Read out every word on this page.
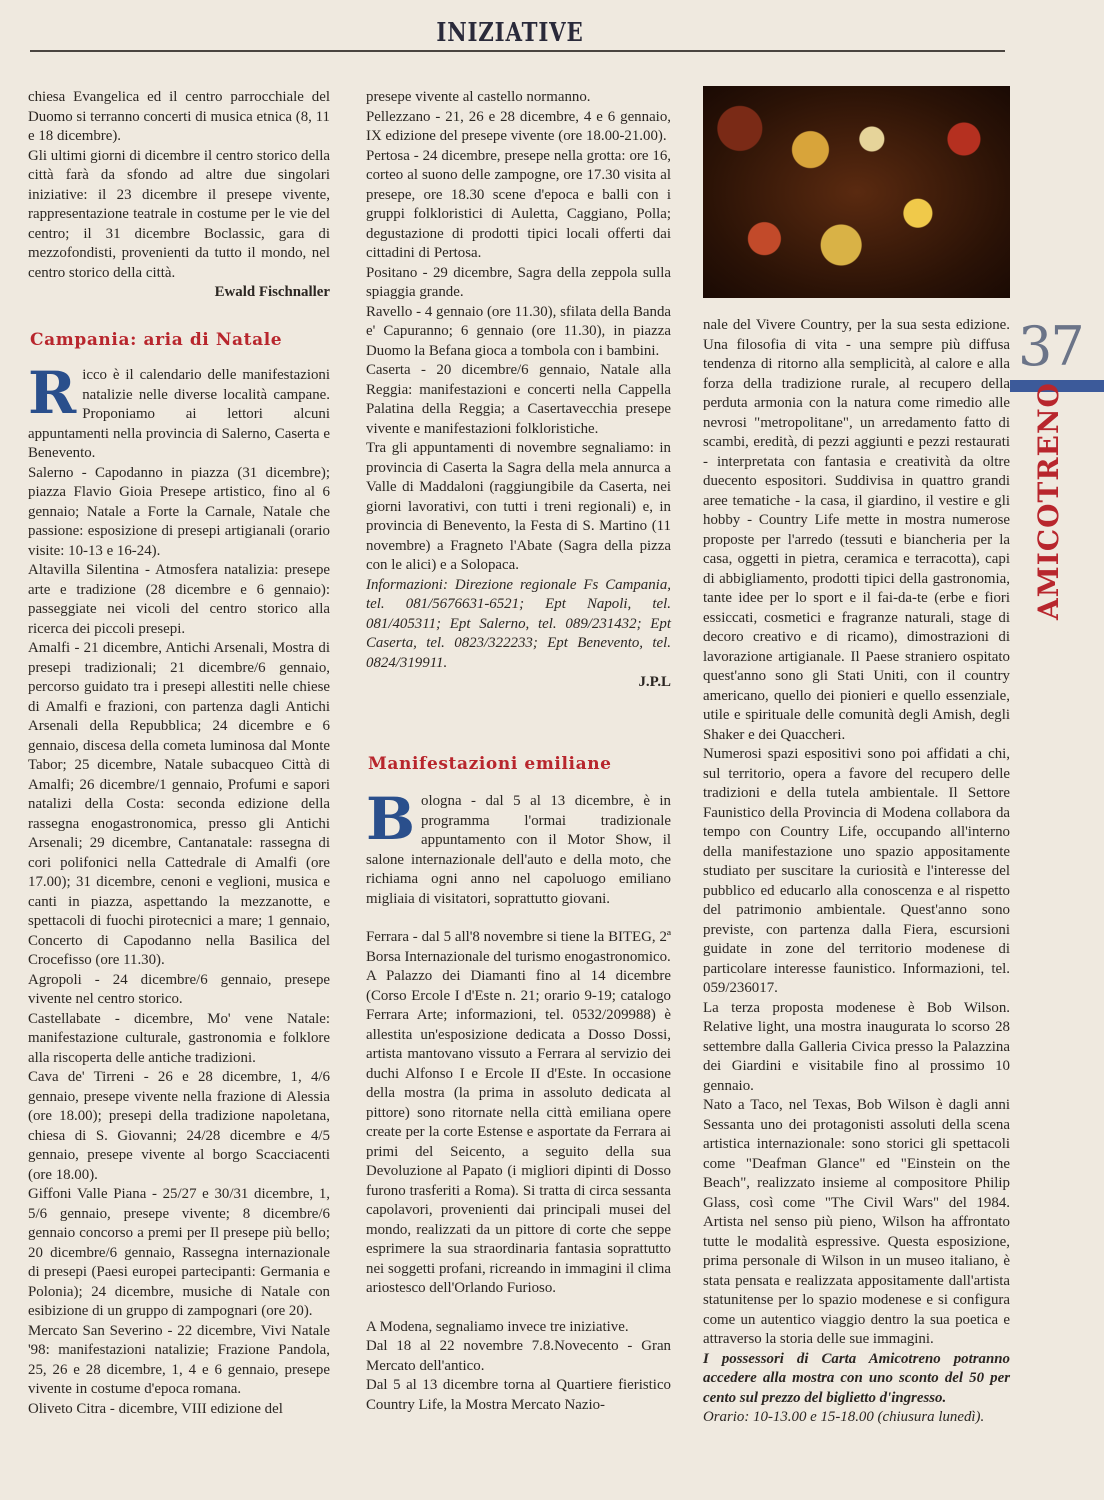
INIZIATIVE

chiesa Evangelica ed il centro parrocchiale del Duomo si terranno concerti di musica etnica (8, 11 e 18 dicembre).

Gli ultimi giorni di dicembre il centro storico della città farà da sfondo ad altre due singolari iniziative: il 23 dicembre il presepe vivente, rappresentazione teatrale in costume per le vie del centro; il 31 dicembre Boclassic, gara di mezzofondisti, provenienti da tutto il mondo, nel centro storico della città.

Ewald Fischnaller

Campania: aria di Natale

Ricco è il calendario delle manifestazioni natalizie nelle diverse località campane. Proponiamo ai lettori alcuni appuntamenti nella provincia di Salerno, Caserta e Benevento.

Salerno - Capodanno in piazza (31 dicembre); piazza Flavio Gioia Presepe artistico, fino al 6 gennaio; Natale a Forte la Carnale, Natale che passione: esposizione di presepi artigianali (orario visite: 10-13 e 16-24).

Altavilla Silentina - Atmosfera natalizia: presepe arte e tradizione (28 dicembre e 6 gennaio): passeggiate nei vicoli del centro storico alla ricerca dei piccoli presepi.

Amalfi - 21 dicembre, Antichi Arsenali, Mostra di presepi tradizionali; 21 dicembre/6 gennaio, percorso guidato tra i presepi allestiti nelle chiese di Amalfi e frazioni, con partenza dagli Antichi Arsenali della Repubblica; 24 dicembre e 6 gennaio, discesa della cometa luminosa dal Monte Tabor; 25 dicembre, Natale subacqueo Città di Amalfi; 26 dicembre/1 gennaio, Profumi e sapori natalizi della Costa: seconda edizione della rassegna enogastronomica, presso gli Antichi Arsenali; 29 dicembre, Cantanatale: rassegna di cori polifonici nella Cattedrale di Amalfi (ore 17.00); 31 dicembre, cenoni e veglioni, musica e canti in piazza, aspettando la mezzanotte, e spettacoli di fuochi pirotecnici a mare; 1 gennaio, Concerto di Capodanno nella Basilica del Crocefisso (ore 11.30).

Agropoli - 24 dicembre/6 gennaio, presepe vivente nel centro storico.

Castellabate - dicembre, Mo' vene Natale: manifestazione culturale, gastronomia e folklore alla riscoperta delle antiche tradizioni.

Cava de' Tirreni - 26 e 28 dicembre, 1, 4/6 gennaio, presepe vivente nella frazione di Alessia (ore 18.00); presepi della tradizione napoletana, chiesa di S. Giovanni; 24/28 dicembre e 4/5 gennaio, presepe vivente al borgo Scacciacenti (ore 18.00).

Giffoni Valle Piana - 25/27 e 30/31 dicembre, 1, 5/6 gennaio, presepe vivente; 8 dicembre/6 gennaio concorso a premi per Il presepe più bello; 20 dicembre/6 gennaio, Rassegna internazionale di presepi (Paesi europei partecipanti: Germania e Polonia); 24 dicembre, musiche di Natale con esibizione di un gruppo di zampognari (ore 20).

Mercato San Severino - 22 dicembre, Vivi Natale '98: manifestazioni natalizie; Frazione Pandola, 25, 26 e 28 dicembre, 1, 4 e 6 gennaio, presepe vivente in costume d'epoca romana.

Oliveto Citra - dicembre, VIII edizione del

presepe vivente al castello normanno.

Pellezzano - 21, 26 e 28 dicembre, 4 e 6 gennaio, IX edizione del presepe vivente (ore 18.00-21.00).

Pertosa - 24 dicembre, presepe nella grotta: ore 16, corteo al suono delle zampogne, ore 17.30 visita al presepe, ore 18.30 scene d'epoca e balli con i gruppi folkloristici di Auletta, Caggiano, Polla; degustazione di prodotti tipici locali offerti dai cittadini di Pertosa.

Positano - 29 dicembre, Sagra della zeppola sulla spiaggia grande.

Ravello - 4 gennaio (ore 11.30), sfilata della Banda e' Capuranno; 6 gennaio (ore 11.30), in piazza Duomo la Befana gioca a tombola con i bambini.

Caserta - 20 dicembre/6 gennaio, Natale alla Reggia: manifestazioni e concerti nella Cappella Palatina della Reggia; a Casertavecchia presepe vivente e manifestazioni folkloristiche.

Tra gli appuntamenti di novembre segnaliamo: in provincia di Caserta la Sagra della mela annurca a Valle di Maddaloni (raggiungibile da Caserta, nei giorni lavorativi, con tutti i treni regionali) e, in provincia di Benevento, la Festa di S. Martino (11 novembre) a Fragneto l'Abate (Sagra della pizza con le alici) e a Solopaca.

Informazioni: Direzione regionale Fs Campania, tel. 081/5676631-6521; Ept Napoli, tel. 081/405311; Ept Salerno, tel. 089/231432; Ept Caserta, tel. 0823/322233; Ept Benevento, tel. 0824/319911.

J.P.L

Manifestazioni emiliane

Bologna - dal 5 al 13 dicembre, è in programma l'ormai tradizionale appuntamento con il Motor Show, il salone internazionale dell'auto e della moto, che richiama ogni anno nel capoluogo emiliano migliaia di visitatori, soprattutto giovani.

Ferrara - dal 5 all'8 novembre si tiene la BITEG, 2ª Borsa Internazionale del turismo enogastronomico.

A Palazzo dei Diamanti fino al 14 dicembre (Corso Ercole I d'Este n. 21; orario 9-19; catalogo Ferrara Arte; informazioni, tel. 0532/209988) è allestita un'esposizione dedicata a Dosso Dossi, artista mantovano vissuto a Ferrara al servizio dei duchi Alfonso I e Ercole II d'Este. In occasione della mostra (la prima in assoluto dedicata al pittore) sono ritornate nella città emiliana opere create per la corte Estense e asportate da Ferrara ai primi del Seicento, a seguito della sua Devoluzione al Papato (i migliori dipinti di Dosso furono trasferiti a Roma). Si tratta di circa sessanta capolavori, provenienti dai principali musei del mondo, realizzati da un pittore di corte che seppe esprimere la sua straordinaria fantasia soprattutto nei soggetti profani, ricreando in immagini il clima ariostesco dell'Orlando Furioso.

A Modena, segnaliamo invece tre iniziative.

Dal 18 al 22 novembre 7.8.Novecento - Gran Mercato dell'antico.

Dal 5 al 13 dicembre torna al Quartiere fieristico Country Life, la Mostra Mercato Nazio-

37
AMICOTRENO

nale del Vivere Country, per la sua sesta edizione. Una filosofia di vita - una sempre più diffusa tendenza di ritorno alla semplicità, al calore e alla forza della tradizione rurale, al recupero della perduta armonia con la natura come rimedio alle nevrosi "metropolitane", un arredamento fatto di scambi, eredità, di pezzi aggiunti e pezzi restaurati - interpretata con fantasia e creatività da oltre duecento espositori. Suddivisa in quattro grandi aree tematiche - la casa, il giardino, il vestire e gli hobby - Country Life mette in mostra numerose proposte per l'arredo (tessuti e biancheria per la casa, oggetti in pietra, ceramica e terracotta), capi di abbigliamento, prodotti tipici della gastronomia, tante idee per lo sport e il fai-da-te (erbe e fiori essiccati, cosmetici e fragranze naturali, stage di decoro creativo e di ricamo), dimostrazioni di lavorazione artigianale. Il Paese straniero ospitato quest'anno sono gli Stati Uniti, con il country americano, quello dei pionieri e quello essenziale, utile e spirituale delle comunità degli Amish, degli Shaker e dei Quaccheri.

Numerosi spazi espositivi sono poi affidati a chi, sul territorio, opera a favore del recupero delle tradizioni e della tutela ambientale. Il Settore Faunistico della Provincia di Modena collabora da tempo con Country Life, occupando all'interno della manifestazione uno spazio appositamente studiato per suscitare la curiosità e l'interesse del pubblico ed educarlo alla conoscenza e al rispetto del patrimonio ambientale. Quest'anno sono previste, con partenza dalla Fiera, escursioni guidate in zone del territorio modenese di particolare interesse faunistico. Informazioni, tel. 059/236017.

La terza proposta modenese è Bob Wilson. Relative light, una mostra inaugurata lo scorso 28 settembre dalla Galleria Civica presso la Palazzina dei Giardini e visitabile fino al prossimo 10 gennaio.

Nato a Taco, nel Texas, Bob Wilson è dagli anni Sessanta uno dei protagonisti assoluti della scena artistica internazionale: sono storici gli spettacoli come "Deafman Glance" ed "Einstein on the Beach", realizzato insieme al compositore Philip Glass, così come "The Civil Wars" del 1984. Artista nel senso più pieno, Wilson ha affrontato tutte le modalità espressive. Questa esposizione, prima personale di Wilson in un museo italiano, è stata pensata e realizzata appositamente dall'artista statunitense per lo spazio modenese e si configura come un autentico viaggio dentro la sua poetica e attraverso la storia delle sue immagini.

I possessori di Carta Amicotreno potranno accedere alla mostra con uno sconto del 50 per cento sul prezzo del biglietto d'ingresso.

Orario: 10-13.00 e 15-18.00 (chiusura lunedì).
